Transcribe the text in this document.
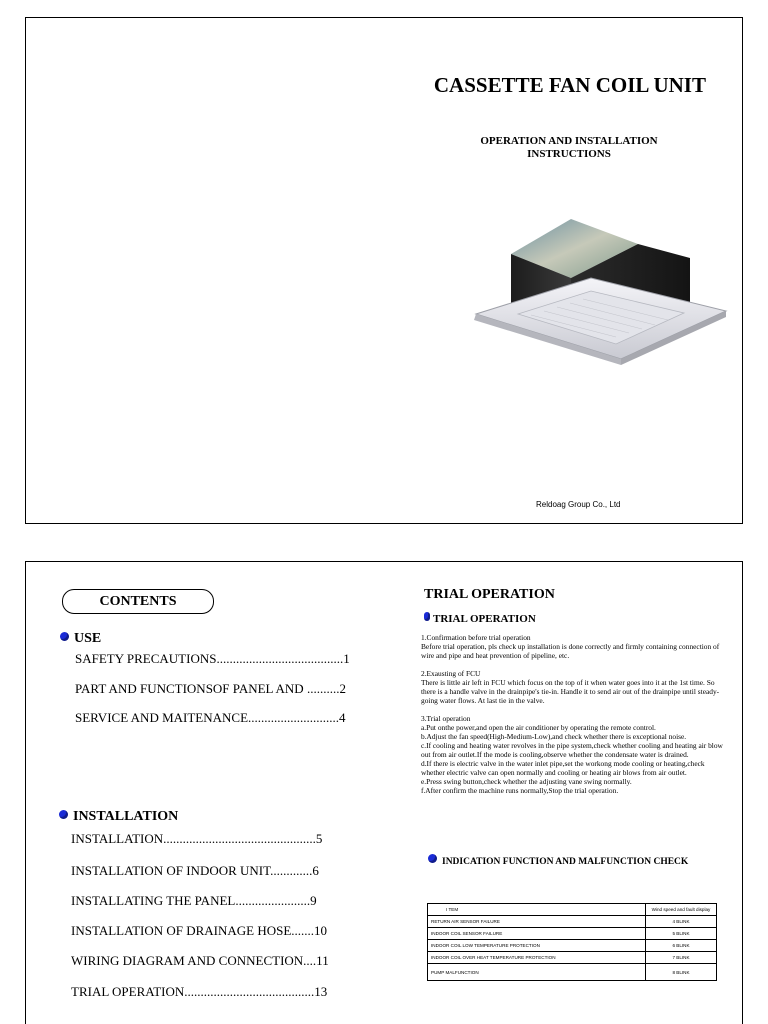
CASSETTE FAN COIL UNIT
OPERATION AND INSTALLATION
INSTRUCTIONS
Reldoag Group Co., Ltd
CONTENTS
USE
SAFETY PRECAUTIONS.......................................1
PART AND FUNCTIONSOF PANEL AND ..........2
SERVICE AND MAITENANCE............................4
INSTALLATION
INSTALLATION...............................................5
INSTALLATION OF INDOOR UNIT.............6
INSTALLATING THE PANEL.......................9
INSTALLATION OF DRAINAGE HOSE.......10
WIRING DIAGRAM AND CONNECTION....11
TRIAL OPERATION........................................13
TRIAL OPERATION
TRIAL OPERATION

1.Confirmation before trial operation

Before trial operation, pls check up installation is done correctly and firmly containing connection of wire and pipe and heat prevention of pipeline, etc.

2.Exausting of FCU

There is little air left in FCU which focus on the top of it when water goes into it at the 1st time. So there is a handle valve in the drainpipe's tie-in. Handle it to send air out of the drainpipe until steady-going water flows. At last tie in the valve.

3.Trial operation

a.Put onthe power,and open the air conditioner by operating the remote control.

b.Adjust the fan speed(High-Medium-Low),and check whether there is exceptional noise.

c.If cooling and heating water revolves in the pipe system,check whether cooling and heating air blow out from air outlet.If the mode is cooling,observe whether the condensate water is drained.

d.If there is electric valve in the water inlet pipe,set the workong mode cooling or heating,check whether electric valve can open normally and cooling or heating air blows from air outlet.

e.Press swing button,check whether the adjusting vane swing normally.

f.After confirm the machine runs normally,Stop the trial operation.

INDICATION FUNCTION AND MALFUNCTION CHECK
I TEM	Wind speed and fault display
RETURN AIR SENSOR FAILURE	4 BLINK
INDOOR COIL SENSOR FAILURE	5 BLINK
INDOOR COIL LOW TEMPERATURE PROTECTION	6 BLINK
INDOOR COIL OVER HEAT TEMPERATURE PROTECTION	7 BLINK
PUMP MALFUNCTION	8 BLINK
